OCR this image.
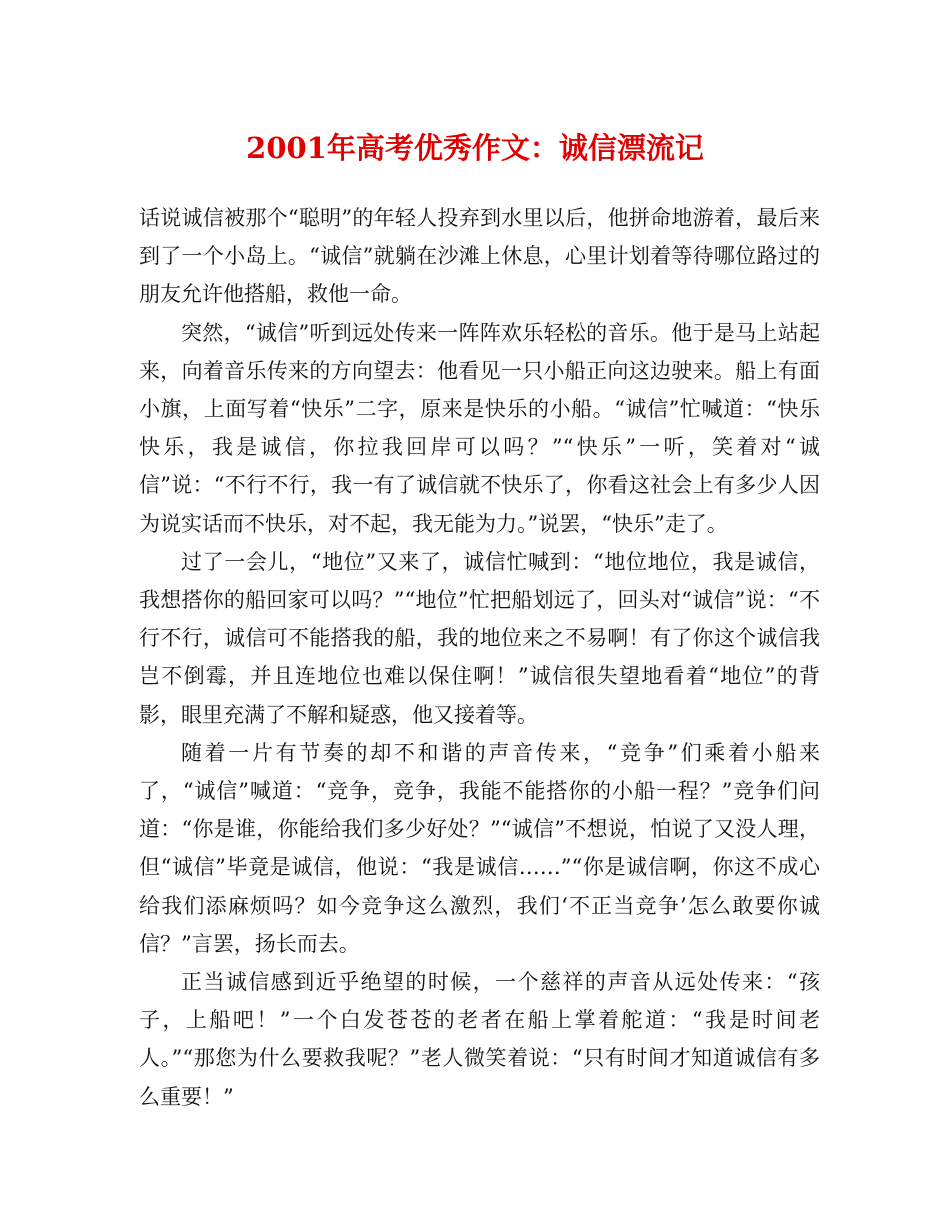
2001年高考优秀作文：诚信漂流记

话说诚信被那个“聪明”的年轻人投弃到水里以后，他拼命地游着，最后来到了一个小岛上。“诚信”就躺在沙滩上休息，心里计划着等待哪位路过的朋友允许他搭船，救他一命。

突然，“诚信”听到远处传来一阵阵欢乐轻松的音乐。他于是马上站起来，向着音乐传来的方向望去：他看见一只小船正向这边驶来。船上有面小旗，上面写着“快乐”二字，原来是快乐的小船。“诚信”忙喊道：“快乐快乐，我是诚信，你拉我回岸可以吗？”“快乐”一听，笑着对“诚信”说：“不行不行，我一有了诚信就不快乐了，你看这社会上有多少人因为说实话而不快乐，对不起，我无能为力。”说罢，“快乐”走了。

过了一会儿，“地位”又来了，诚信忙喊到：“地位地位，我是诚信，我想搭你的船回家可以吗？”“地位”忙把船划远了，回头对“诚信”说：“不行不行，诚信可不能搭我的船，我的地位来之不易啊！有了你这个诚信我岂不倒霉，并且连地位也难以保住啊！”诚信很失望地看着“地位”的背影，眼里充满了不解和疑惑，他又接着等。

随着一片有节奏的却不和谐的声音传来，“竞争”们乘着小船来了，“诚信”喊道：“竞争，竞争，我能不能搭你的小船一程？”竞争们问道：“你是谁，你能给我们多少好处？”“诚信”不想说，怕说了又没人理，但“诚信”毕竟是诚信，他说：“我是诚信……”“你是诚信啊，你这不成心给我们添麻烦吗？如今竞争这么激烈，我们‘不正当竞争’怎么敢要你诚信？”言罢，扬长而去。

正当诚信感到近乎绝望的时候，一个慈祥的声音从远处传来：“孩子，上船吧！”一个白发苍苍的老者在船上掌着舵道：“我是时间老人。”“那您为什么要救我呢？”老人微笑着说：“只有时间才知道诚信有多么重要！”
